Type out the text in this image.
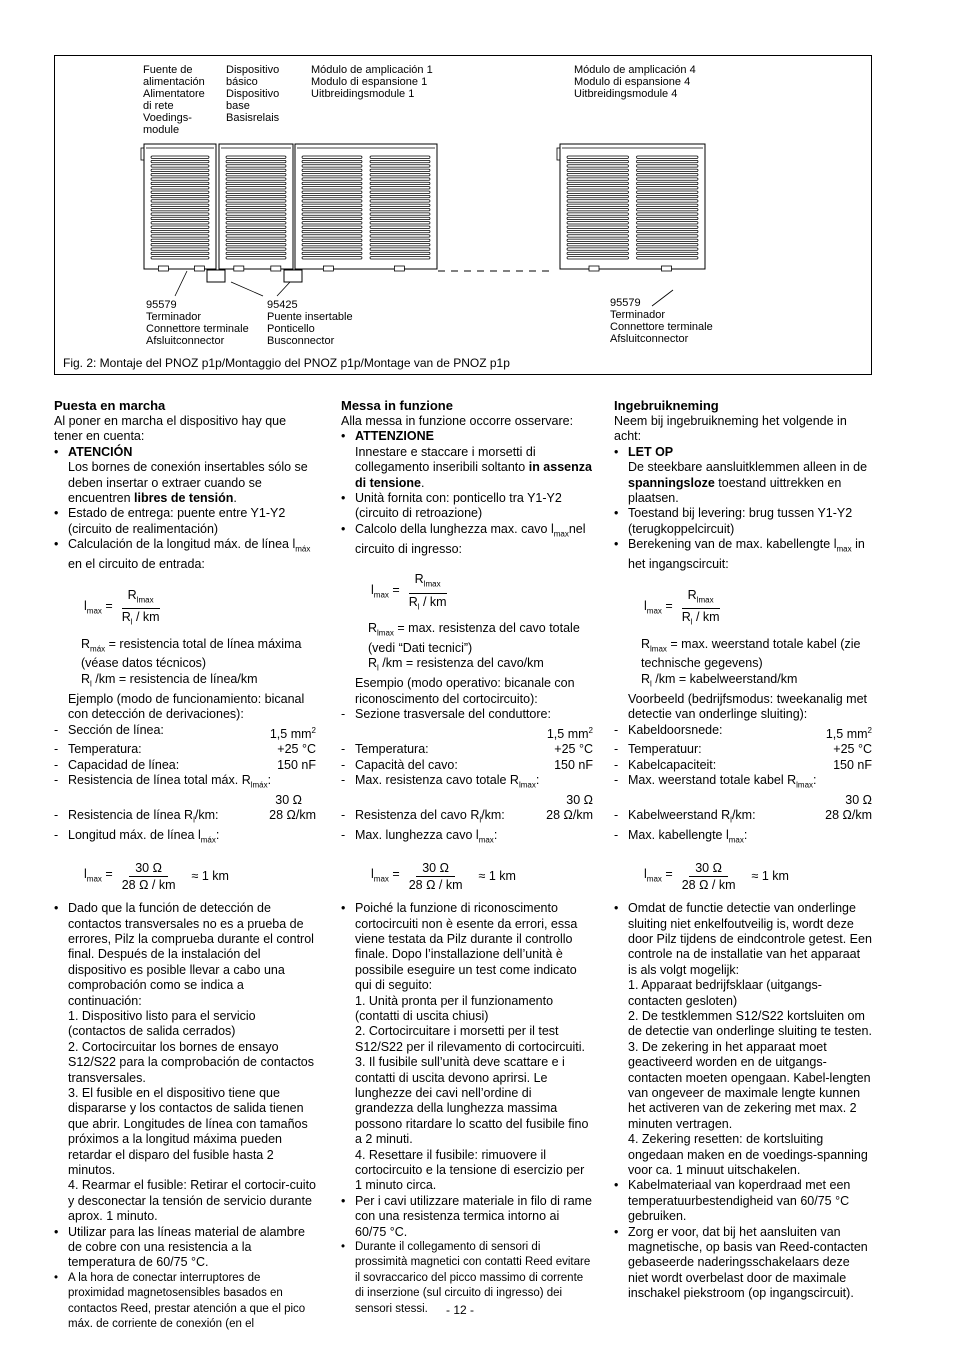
Fuente de
alimentación
Alimentatore
di rete
Voedings-
module
Dispositivo
básico
Dispositivo
base
Basisrelais
Módulo de amplicación 1
Modulo di espansione 1
Uitbreidingsmodule 1
Módulo de amplicación 4
Modulo di espansione 4
Uitbreidingsmodule 4
95579
Terminador
Connettore terminale
Afsluitconnector
95425
Puente insertable
Ponticello
Busconnector
95579
Terminador
Connettore terminale
Afsluitconnector
Fig. 2: Montaje del PNOZ p1p/Montaggio del PNOZ p1p/Montage van de PNOZ p1p
Puesta en marcha

Al poner en marcha el dispositivo hay que tener en cuenta:

• ATENCIÓN
Los bornes de conexión insertables sólo se deben insertar o extraer cuando se encuentren libres de tensión.
• Estado de entrega: puente entre Y1-Y2 (circuito de realimentación)
• Calculación de la longitud máx. de línea $l_{máx}$ en el circuito de entrada:
$l_{max}$ =
$R_{lmax}$
$R_l$ / km

$R_{máx}$ = resistencia total de línea máxima (véase datos técnicos)

$R_l$ /km = resistencia de línea/km

Ejemplo (modo de funcionamiento: bicanal con detección de derivaciones):

- Sección de línea:	1,5 $mm^2$
- Temperatura:	+25 °C
- Capacidad de línea:	150 nF
- Resistencia de línea total máx. $R_{lmáx}$:
30 Ω
- Resistencia de línea $R_l/km$:	28 Ω/km
- Longitud máx. de línea $l_{máx}$:
$l_{max} = \frac{30 \Omega}{28 \Omega / km} \approx 1$ km
• Dado que la función de detección de contactos transversales no es a prueba de errores, Pilz la comprueba durante el control final. Después de la instalación del dispositivo es posible llevar a cabo una comprobación como se indica a continuación:

1. Dispositivo listo para el servicio (contactos de salida cerrados)

2. Cortocircuitar los bornes de ensayo S12/S22 para la comprobación de contactos transversales.

3. El fusible en el dispositivo tiene que dispararse y los contactos de salida tienen que abrir. Longitudes de línea con tamaños próximos a la longitud máxima pueden retardar el disparo del fusible hasta 2 minutos.

4. Rearmar el fusible: Retirar el cortocir-cuito y desconectar la tensión de servicio durante aprox. 1 minuto.

• Utilizar para las líneas material de alambre de cobre con una resistencia a la temperatura de 60/75 °C.
• A la hora de conectar interruptores de proximidad magnetosensibles basados en contactos Reed, prestar atención a que el pico máx. de corriente de conexión (en el
Messa in funzione

Alla messa in funzione occorre osservare:

• ATTENZIONE
Innestare e staccare i morsetti di collegamento inseribili soltanto in assenza di tensione.
• Unità fornita con: ponticello tra Y1-Y2 (circuito di retroazione)
• Calcolo della lunghezza max. cavo $l_{max}nel$ circuito di ingresso:
$l_{max}$ =
$R_{lmax}$
$R_l$ / km

$R_{lmax} = \max$. resistenza del cavo totale (vedi “Dati tecnici”)

$R_l$ /km = resistenza del cavo/km

Esempio (modo operativo: bicanale con riconoscimento del cortocircuito):

- Sezione trasversale del conduttore:
1,5 $mm^2$
- Temperatura:	+25 °C
- Capacità del cavo:	150 nF
- Max. resistenza cavo totale $R_{lmax}$:
30 Ω
- Resistenza del cavo $R_l/km$:	28 Ω/km
- Max. lunghezza cavo $l_{max}$:
$l_{max} = \frac{30 \Omega}{28 \Omega / km} \approx 1$ km
• Poiché la funzione di riconoscimento cortocircuiti non è esente da errori, essa viene testata da Pilz durante il controllo finale. Dopo l’installazione dell’unità è possibile eseguire un test come indicato qui di seguito:

1. Unità pronta per il funzionamento (contatti di uscita chiusi)

2. Cortocircuitare i morsetti per il test S12/S22 per il rilevamento di cortocircuiti.

3. Il fusibile sull’unità deve scattare e i contatti di uscita devono aprirsi. Le lunghezze dei cavi nell’ordine di grandezza della lunghezza massima possono ritardare lo scatto del fusibile fino a 2 minuti.

4. Resettare il fusibile: rimuovere il cortocircuito e la tensione di esercizio per 1 minuto circa.

• Per i cavi utilizzare materiale in filo di rame con una resistenza termica intorno ai 60/75 °C.
• Durante il collegamento di sensori di prossimità magnetici con contatti Reed evitare il sovraccarico del picco massimo di corrente di inserzione (sul circuito di ingresso) dei sensori stessi.
Ingebruikneming

Neem bij ingebruikneming het volgende in acht:

• LET OP
De steekbare aansluitklemmen alleen in de spanningsloze toestand uittrekken en plaatsen.
• Toestand bij levering: brug tussen Y1-Y2 (terugkoppelcircuit)
• Berekening van de max. kabellengte $l_{max}$ in het ingangscircuit:
$l_{max}$ =
$R_{lmax}$
$R_l$ / km

$R_{lmax} = \max$. weerstand totale kabel (zie technische gegevens)

$R_l$ /km = kabelweerstand/km

Voorbeeld (bedrijfsmodus: tweekanalig met detectie van onderlinge sluiting):

- Kabeldoorsnede:	1,5 $mm^2$
- Temperatuur:	+25 °C
- Kabelcapaciteit:	150 nF
- Max. weerstand totale kabel $R_{lmax}$:
30 Ω
- Kabelweerstand $R_l/km$:	28 Ω/km
- Max. kabellengte $l_{max}$:
$l_{max} = \frac{30 \Omega}{28 \Omega / km} \approx 1$ km
• Omdat de functie detectie van onderlinge sluiting niet enkelfoutveilig is, wordt deze door Pilz tijdens de eindcontrole getest. Een controle na de installatie van het apparaat is als volgt mogelijk:

1. Apparaat bedrijfsklaar (uitgangs-contacten gesloten)

2. De testklemmen S12/S22 kortsluiten om de detectie van onderlinge sluiting te testen.

3. De zekering in het apparaat moet geactiveerd worden en de uitgangs-contacten moeten opengaan. Kabel-lengten van ongeveer de maximale lengte kunnen het activeren van de zekering met max. 2 minuten vertragen.

4. Zekering resetten: de kortsluiting ongedaan maken en de voedings-spanning voor ca. 1 minuut uitschakelen.

• Kabelmateriaal van koperdraad met een temperatuurbestendigheid van 60/75 °C gebruiken.
• Zorg er voor, dat bij het aansluiten van magnetische, op basis van Reed-contacten gebaseerde naderingsschakelaars deze niet wordt overbelast door de maximale inschakel piekstroom (op ingangscircuit).
- 12 -
